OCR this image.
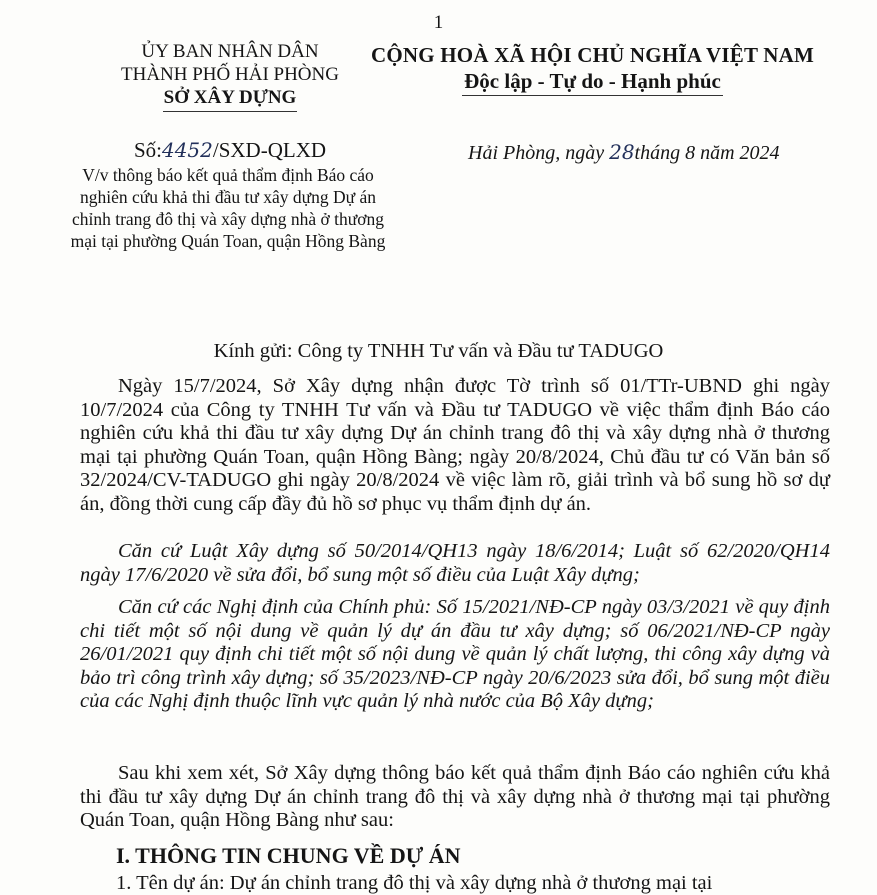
1
ỦY BAN NHÂN DÂN
THÀNH PHỐ HẢI PHÒNG
SỞ XÂY DỰNG
CỘNG HOÀ XÃ HỘI CHỦ NGHĨA VIỆT NAM
Độc lập - Tự do - Hạnh phúc
Số:4452/SXD-QLXD
V/v thông báo kết quả thẩm định Báo cáo nghiên cứu khả thi đầu tư xây dựng Dự án chỉnh trang đô thị và xây dựng nhà ở thương mại tại phường Quán Toan, quận Hồng Bàng
Hải Phòng, ngày 28tháng 8 năm 2024
Kính gửi: Công ty TNHH Tư vấn và Đầu tư TADUGO

Ngày 15/7/2024, Sở Xây dựng nhận được Tờ trình số 01/TTr-UBND ghi ngày 10/7/2024 của Công ty TNHH Tư vấn và Đầu tư TADUGO về việc thẩm định Báo cáo nghiên cứu khả thi đầu tư xây dựng Dự án chỉnh trang đô thị và xây dựng nhà ở thương mại tại phường Quán Toan, quận Hồng Bàng; ngày 20/8/2024, Chủ đầu tư có Văn bản số 32/2024/CV-TADUGO ghi ngày 20/8/2024 về việc làm rõ, giải trình và bổ sung hồ sơ dự án, đồng thời cung cấp đầy đủ hồ sơ phục vụ thẩm định dự án.

Căn cứ Luật Xây dựng số 50/2014/QH13 ngày 18/6/2014; Luật số 62/2020/QH14 ngày 17/6/2020 về sửa đổi, bổ sung một số điều của Luật Xây dựng;

Căn cứ các Nghị định của Chính phủ: Số 15/2021/NĐ-CP ngày 03/3/2021 về quy định chi tiết một số nội dung về quản lý dự án đầu tư xây dựng; số 06/2021/NĐ-CP ngày 26/01/2021 quy định chi tiết một số nội dung về quản lý chất lượng, thi công xây dựng và bảo trì công trình xây dựng; số 35/2023/NĐ-CP ngày 20/6/2023 sửa đổi, bổ sung một điều của các Nghị định thuộc lĩnh vực quản lý nhà nước của Bộ Xây dựng;

Sau khi xem xét, Sở Xây dựng thông báo kết quả thẩm định Báo cáo nghiên cứu khả thi đầu tư xây dựng Dự án chỉnh trang đô thị và xây dựng nhà ở thương mại tại phường Quán Toan, quận Hồng Bàng như sau:

I. THÔNG TIN CHUNG VỀ DỰ ÁN
1. Tên dự án: Dự án chỉnh trang đô thị và xây dựng nhà ở thương mại tại
